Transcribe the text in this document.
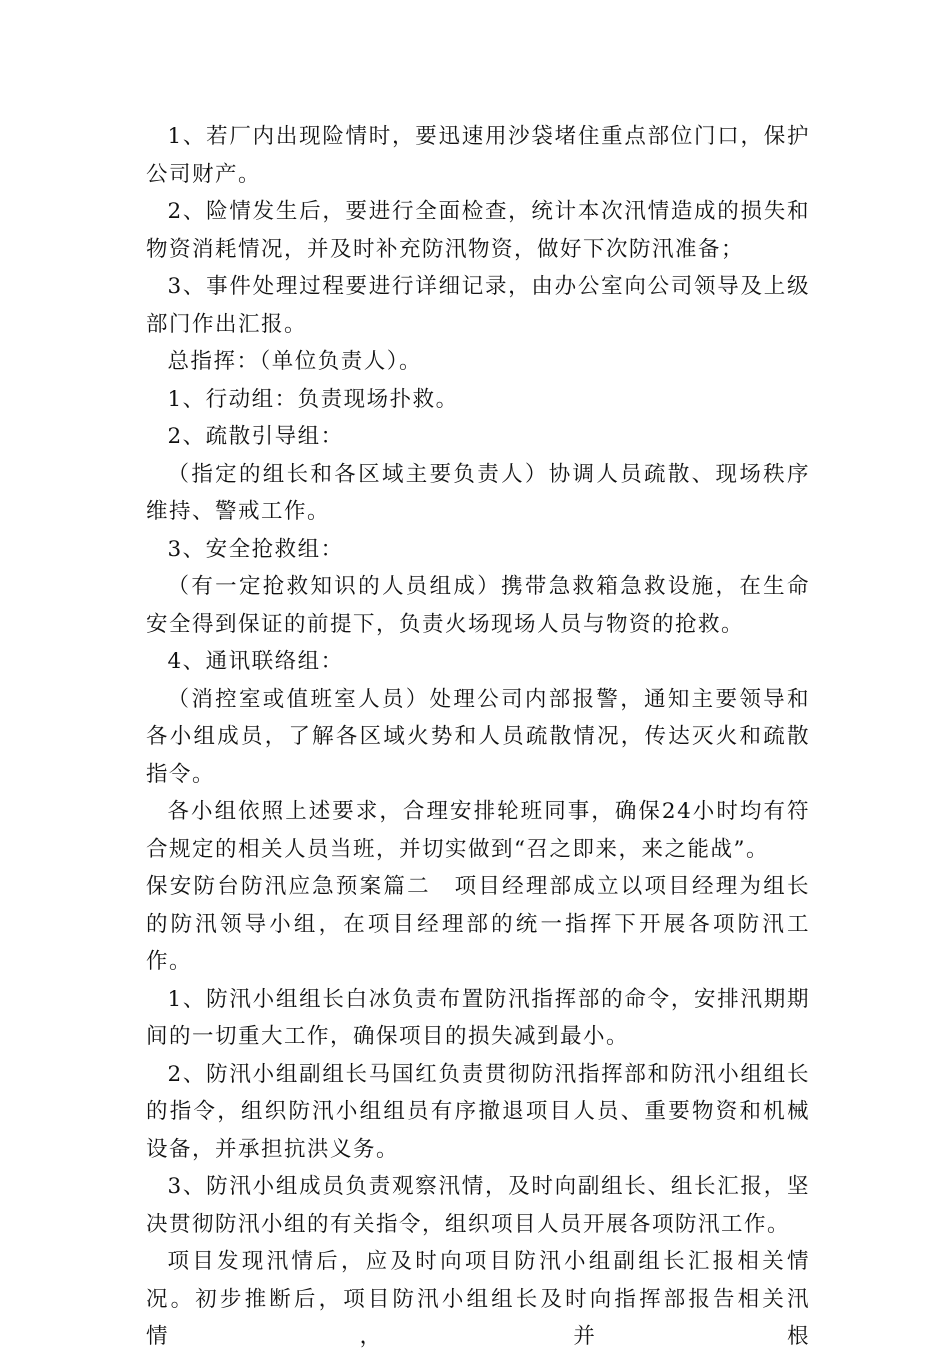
1、若厂内出现险情时，要迅速用沙袋堵住重点部位门口，保护公司财产。

2、险情发生后，要进行全面检查，统计本次汛情造成的损失和物资消耗情况，并及时补充防汛物资，做好下次防汛准备；

3、事件处理过程要进行详细记录，由办公室向公司领导及上级部门作出汇报。

总指挥：（单位负责人）。

1、行动组：负责现场扑救。

2、疏散引导组：

（指定的组长和各区域主要负责人）协调人员疏散、现场秩序维持、警戒工作。

3、安全抢救组：

（有一定抢救知识的人员组成）携带急救箱急救设施，在生命安全得到保证的前提下，负责火场现场人员与物资的抢救。

4、通讯联络组：

（消控室或值班室人员）处理公司内部报警，通知主要领导和各小组成员，了解各区域火势和人员疏散情况，传达灭火和疏散指令。

各小组依照上述要求，合理安排轮班同事，确保24小时均有符合规定的相关人员当班，并切实做到“召之即来，来之能战”。

保安防台防汛应急预案篇二　项目经理部成立以项目经理为组长的防汛领导小组，在项目经理部的统一指挥下开展各项防汛工作。

1、防汛小组组长白冰负责布置防汛指挥部的命令，安排汛期期间的一切重大工作，确保项目的损失减到最小。

2、防汛小组副组长马国红负责贯彻防汛指挥部和防汛小组组长的指令，组织防汛小组组员有序撤退项目人员、重要物资和机械设备，并承担抗洪义务。

3、防汛小组成员负责观察汛情，及时向副组长、组长汇报，坚决贯彻防汛小组的有关指令，组织项目人员开展各项防汛工作。

项目发现汛情后，应及时向项目防汛小组副组长汇报相关情况。初步推断后，项目防汛小组组长及时向指挥部报告相关汛情，并根
